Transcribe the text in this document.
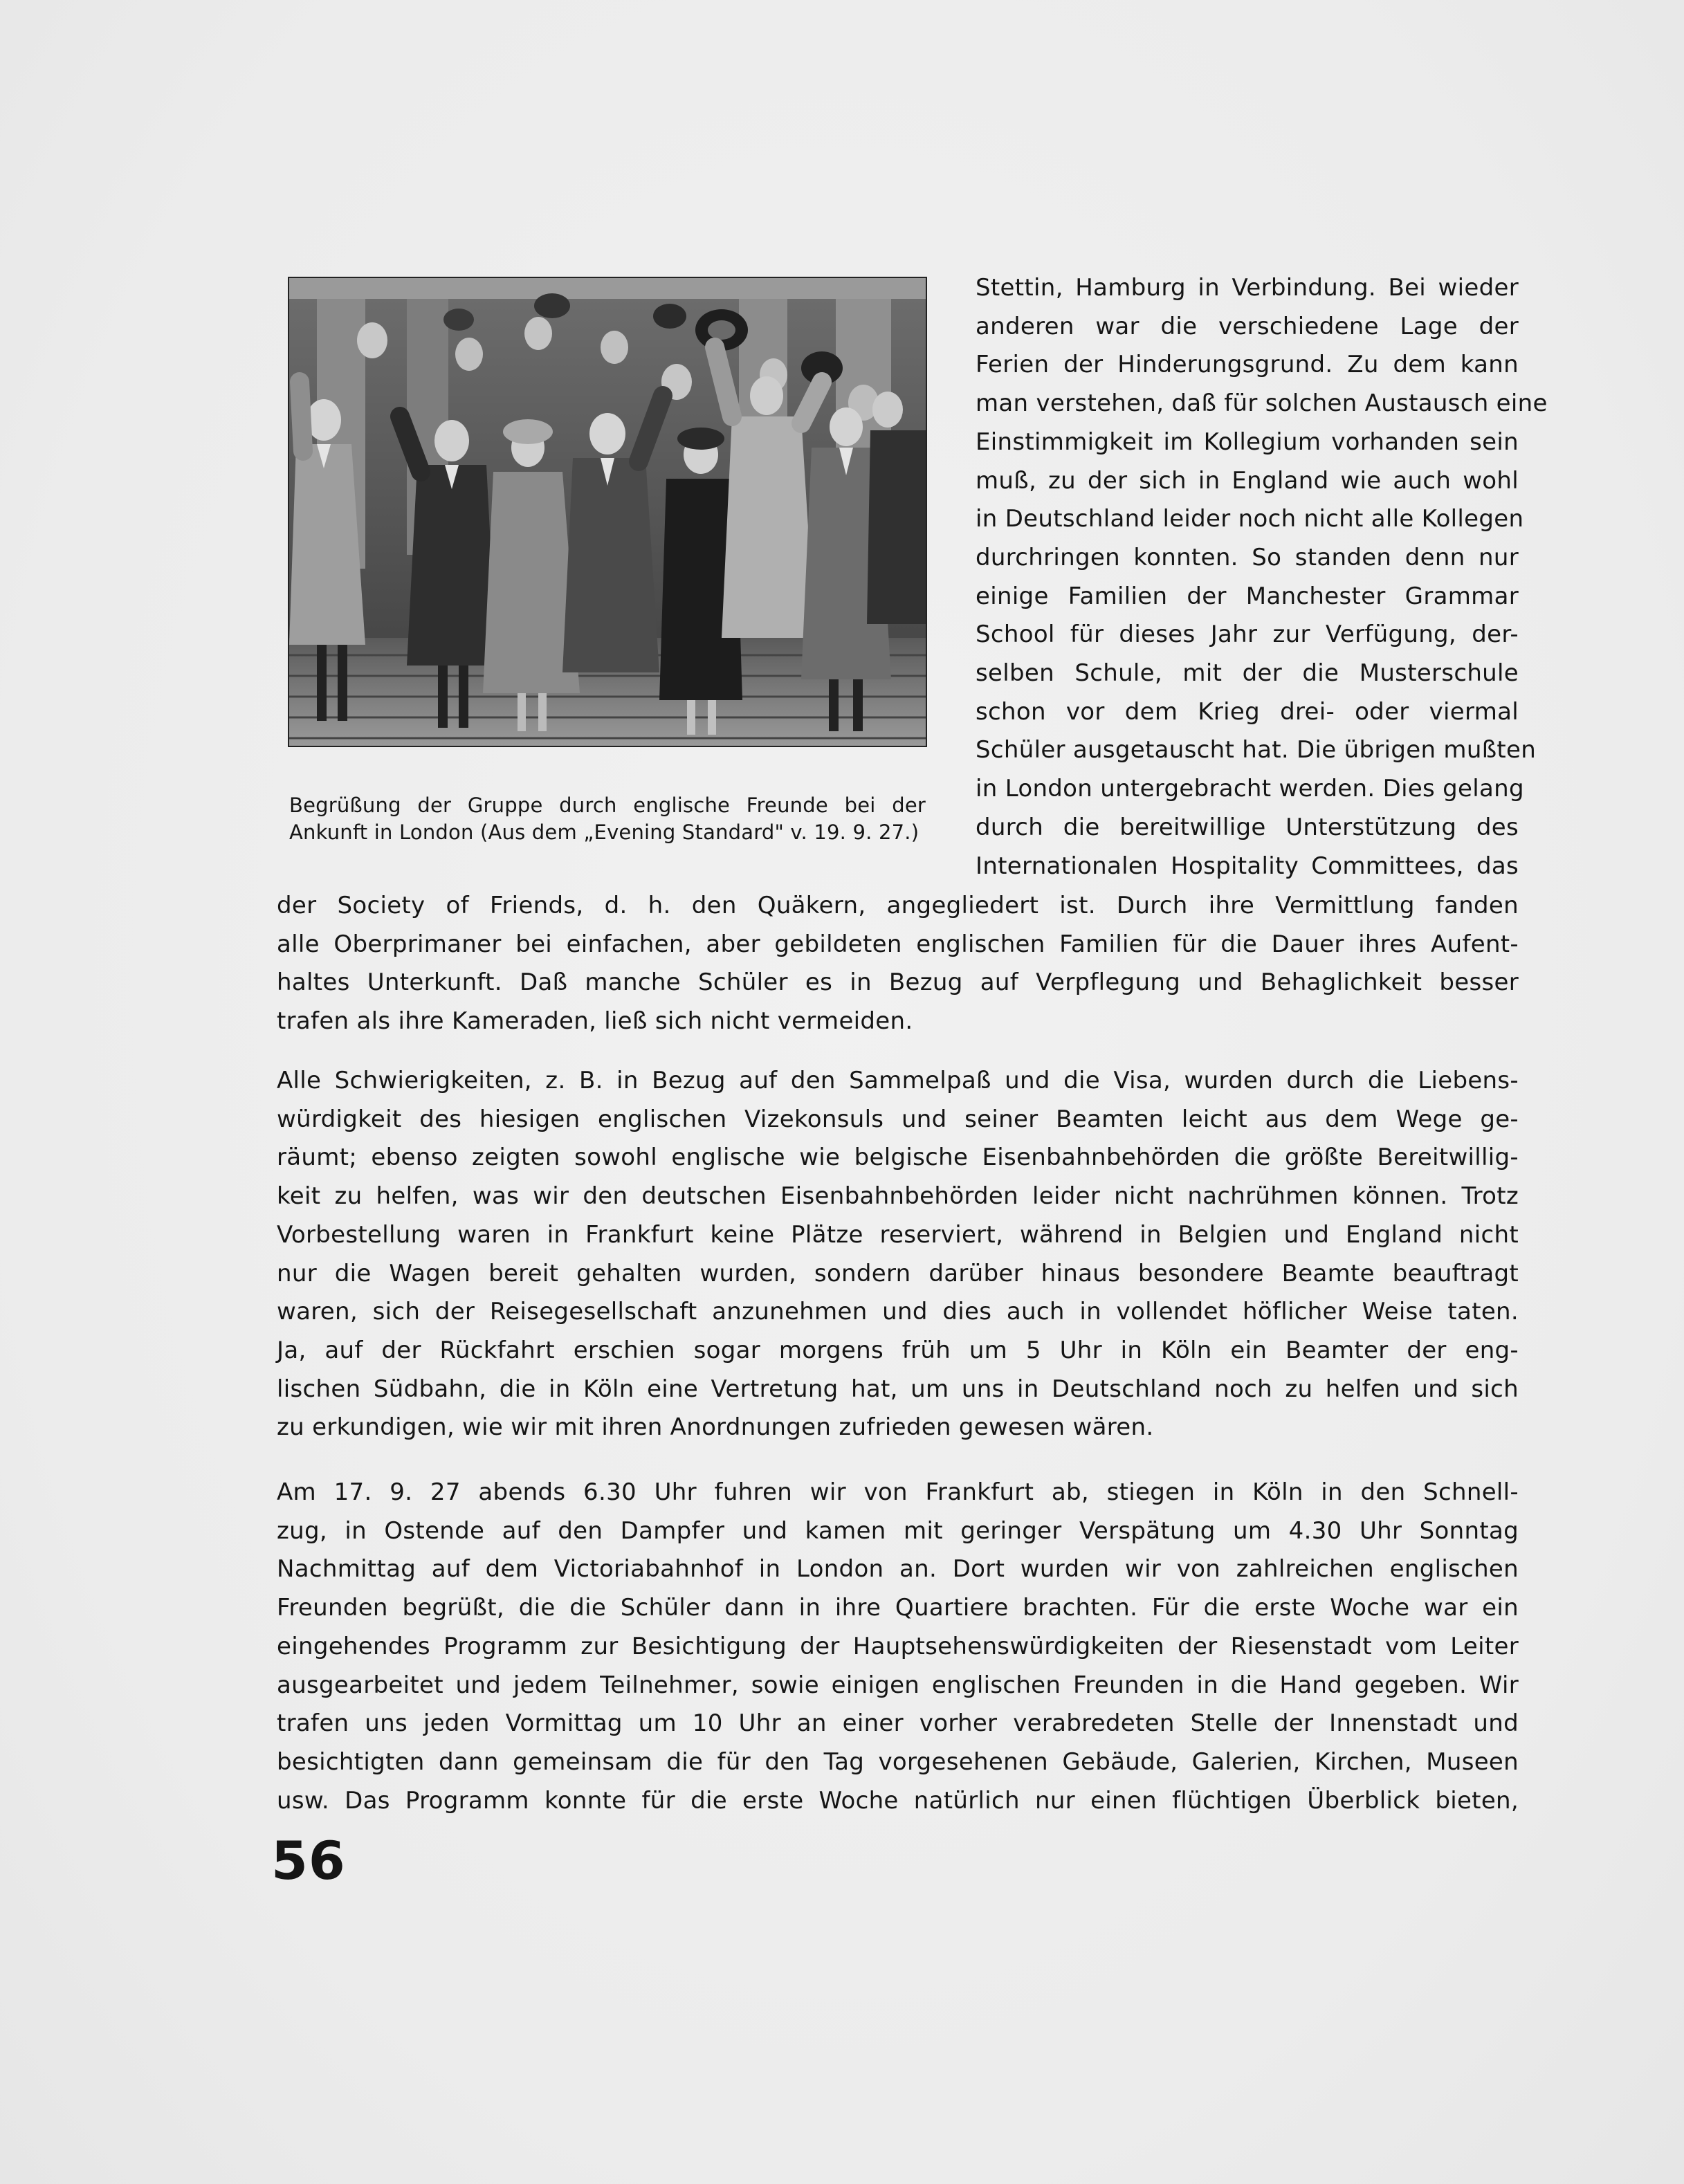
Begrüßung der Gruppe durch englische Freunde bei der
Ankunft in London (Aus dem „Evening Standard" v. 19. 9. 27.)
Stettin, Hamburg in Verbindung. Bei wieder
anderen war die verschiedene Lage der
Ferien der Hinderungsgrund. Zu dem kann
man verstehen, daß für solchen Austausch eine
Einstimmigkeit im Kollegium vorhanden sein
muß, zu der sich in England wie auch wohl
in Deutschland leider noch nicht alle Kollegen
durchringen konnten. So standen denn nur
einige Familien der Manchester Grammar
School für dieses Jahr zur Verfügung, der-
selben Schule, mit der die Musterschule
schon vor dem Krieg drei- oder viermal
Schüler ausgetauscht hat. Die übrigen mußten
in London untergebracht werden. Dies gelang
durch die bereitwillige Unterstützung des
Internationalen Hospitality Committees, das
der Society of Friends, d. h. den Quäkern, angegliedert ist. Durch ihre Vermittlung fanden
alle Oberprimaner bei einfachen, aber gebildeten englischen Familien für die Dauer ihres Aufent-
haltes Unterkunft. Daß manche Schüler es in Bezug auf Verpflegung und Behaglichkeit besser
trafen als ihre Kameraden, ließ sich nicht vermeiden.
Alle Schwierigkeiten, z. B. in Bezug auf den Sammelpaß und die Visa, wurden durch die Liebens-
würdigkeit des hiesigen englischen Vizekonsuls und seiner Beamten leicht aus dem Wege ge-
räumt; ebenso zeigten sowohl englische wie belgische Eisenbahnbehörden die größte Bereitwillig-
keit zu helfen, was wir den deutschen Eisenbahnbehörden leider nicht nachrühmen können. Trotz
Vorbestellung waren in Frankfurt keine Plätze reserviert, während in Belgien und England nicht
nur die Wagen bereit gehalten wurden, sondern darüber hinaus besondere Beamte beauftragt
waren, sich der Reisegesellschaft anzunehmen und dies auch in vollendet höflicher Weise taten.
Ja, auf der Rückfahrt erschien sogar morgens früh um 5 Uhr in Köln ein Beamter der eng-
lischen Südbahn, die in Köln eine Vertretung hat, um uns in Deutschland noch zu helfen und sich
zu erkundigen, wie wir mit ihren Anordnungen zufrieden gewesen wären.
Am 17. 9. 27 abends 6.30 Uhr fuhren wir von Frankfurt ab, stiegen in Köln in den Schnell-
zug, in Ostende auf den Dampfer und kamen mit geringer Verspätung um 4.30 Uhr Sonntag
Nachmittag auf dem Victoriabahnhof in London an. Dort wurden wir von zahlreichen englischen
Freunden begrüßt, die die Schüler dann in ihre Quartiere brachten. Für die erste Woche war ein
eingehendes Programm zur Besichtigung der Hauptsehenswürdigkeiten der Riesenstadt vom Leiter
ausgearbeitet und jedem Teilnehmer, sowie einigen englischen Freunden in die Hand gegeben. Wir
trafen uns jeden Vormittag um 10 Uhr an einer vorher verabredeten Stelle der Innenstadt und
besichtigten dann gemeinsam die für den Tag vorgesehenen Gebäude, Galerien, Kirchen, Museen
usw. Das Programm konnte für die erste Woche natürlich nur einen flüchtigen Überblick bieten,
56
